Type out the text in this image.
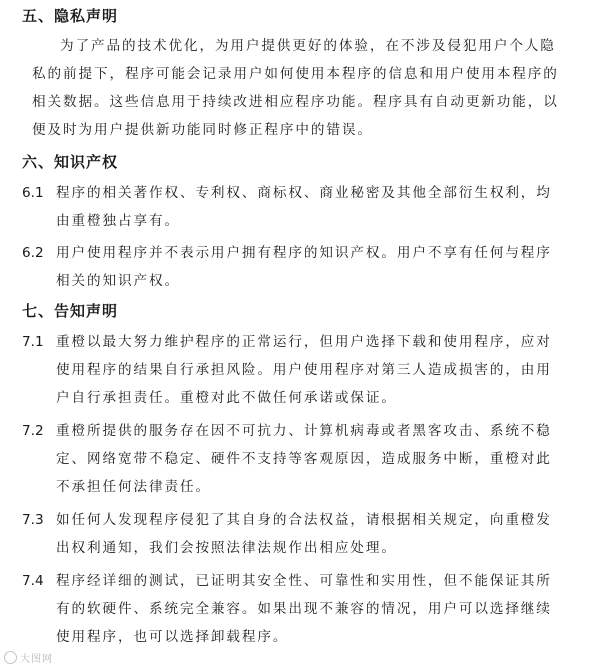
五、隐私声明
为了产品的技术优化，为用户提供更好的体验，在不涉及侵犯用户个人隐私的前提下，程序可能会记录用户如何使用本程序的信息和用户使用本程序的相关数据。这些信息用于持续改进相应程序功能。程序具有自动更新功能，以便及时为用户提供新功能同时修正程序中的错误。
六、知识产权
6.1 程序的相关著作权、专利权、商标权、商业秘密及其他全部衍生权利，均由重橙独占享有。
6.2 用户使用程序并不表示用户拥有程序的知识产权。用户不享有任何与程序相关的知识产权。
七、告知声明
7.1 重橙以最大努力维护程序的正常运行，但用户选择下载和使用程序，应对使用程序的结果自行承担风险。用户使用程序对第三人造成损害的，由用户自行承担责任。重橙对此不做任何承诺或保证。
7.2 重橙所提供的服务存在因不可抗力、计算机病毒或者黑客攻击、系统不稳定、网络宽带不稳定、硬件不支持等客观原因，造成服务中断，重橙对此不承担任何法律责任。
7.3 如任何人发现程序侵犯了其自身的合法权益，请根据相关规定，向重橙发出权利通知，我们会按照法律法规作出相应处理。
7.4 程序经详细的测试，已证明其安全性、可靠性和实用性，但不能保证其所有的软硬件、系统完全兼容。如果出现不兼容的情况，用户可以选择继续使用程序，也可以选择卸载程序。
大图网
